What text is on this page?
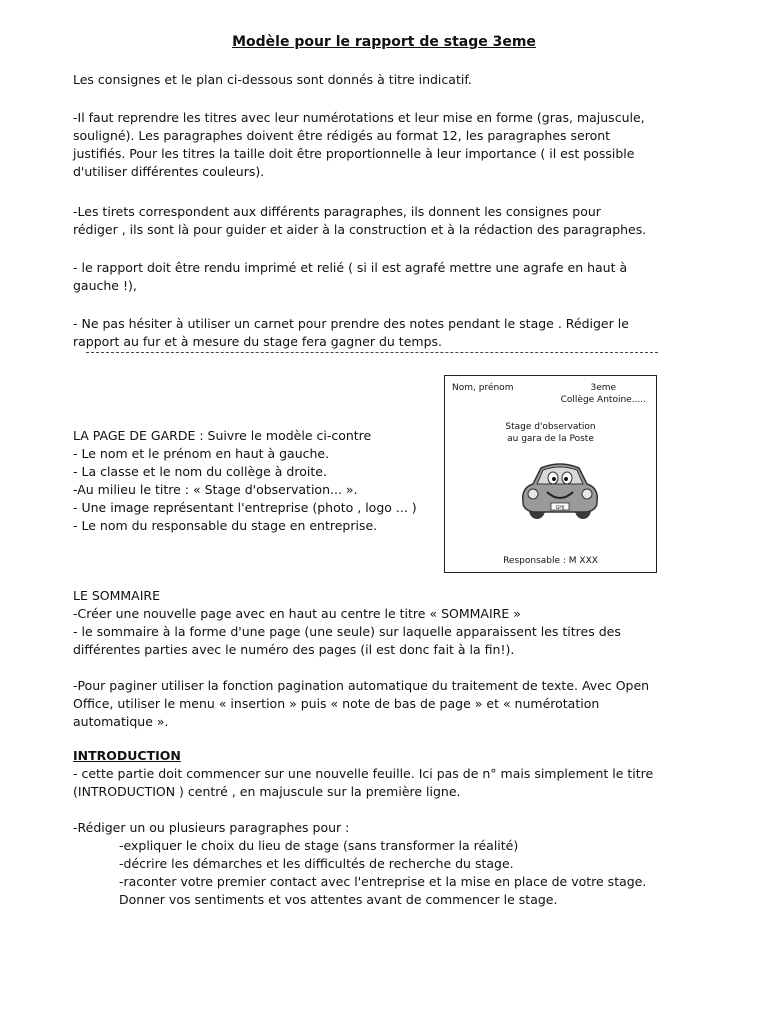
Modèle pour le rapport de stage 3eme

Les consignes et le plan ci-dessous sont donnés à titre indicatif.

-Il faut reprendre les titres avec leur numérotations et leur mise en forme (gras, majuscule,

souligné). Les paragraphes doivent être rédigés au format 12, les paragraphes seront

justifiés. Pour les titres la taille doit être proportionnelle à leur importance ( il est possible

d'utiliser différentes couleurs).

-Les tirets correspondent aux différents paragraphes, ils donnent les consignes pour

rédiger , ils sont là pour guider et aider à la construction et à la rédaction des paragraphes.

- le rapport doit être rendu imprimé et relié ( si il est agrafé mettre une agrafe en haut à

gauche !),

- Ne pas hésiter à utiliser un carnet pour prendre des notes pendant le stage . Rédiger le

rapport au fur et à mesure du stage fera gagner du temps.

LA PAGE DE GARDE : Suivre le modèle ci-contre

- Le nom et le prénom en haut à gauche.

- La classe et le nom du collège à droite.

-Au milieu le titre : « Stage d'observation... ».

- Une image représentant l'entreprise (photo , logo ... )

- Le nom du responsable du stage en entreprise.

Nom, prénom	3eme
Collège Antoine.....
Stage d'observation
au gara de la Poste
GHJ
Responsable : M XXX

LE SOMMAIRE

-Créer une nouvelle page avec en haut au centre le titre « SOMMAIRE »

- le sommaire à la forme d'une page (une seule) sur laquelle apparaissent les titres des

différentes parties avec le numéro des pages (il est donc fait à la fin!).

-Pour paginer utiliser la fonction pagination automatique du traitement de texte. Avec Open

Office, utiliser le menu « insertion » puis « note de bas de page » et « numérotation

automatique ».

INTRODUCTION

- cette partie doit commencer sur une nouvelle feuille. Ici pas de n° mais simplement le titre

(INTRODUCTION ) centré , en majuscule sur la première ligne.

-Rédiger un ou plusieurs paragraphes pour :

-expliquer le choix du lieu de stage (sans transformer la réalité)

-décrire les démarches et les difficultés de recherche du stage.

-raconter votre premier contact avec l'entreprise et la mise en place de votre stage.

Donner vos sentiments et vos attentes avant de commencer le stage.
